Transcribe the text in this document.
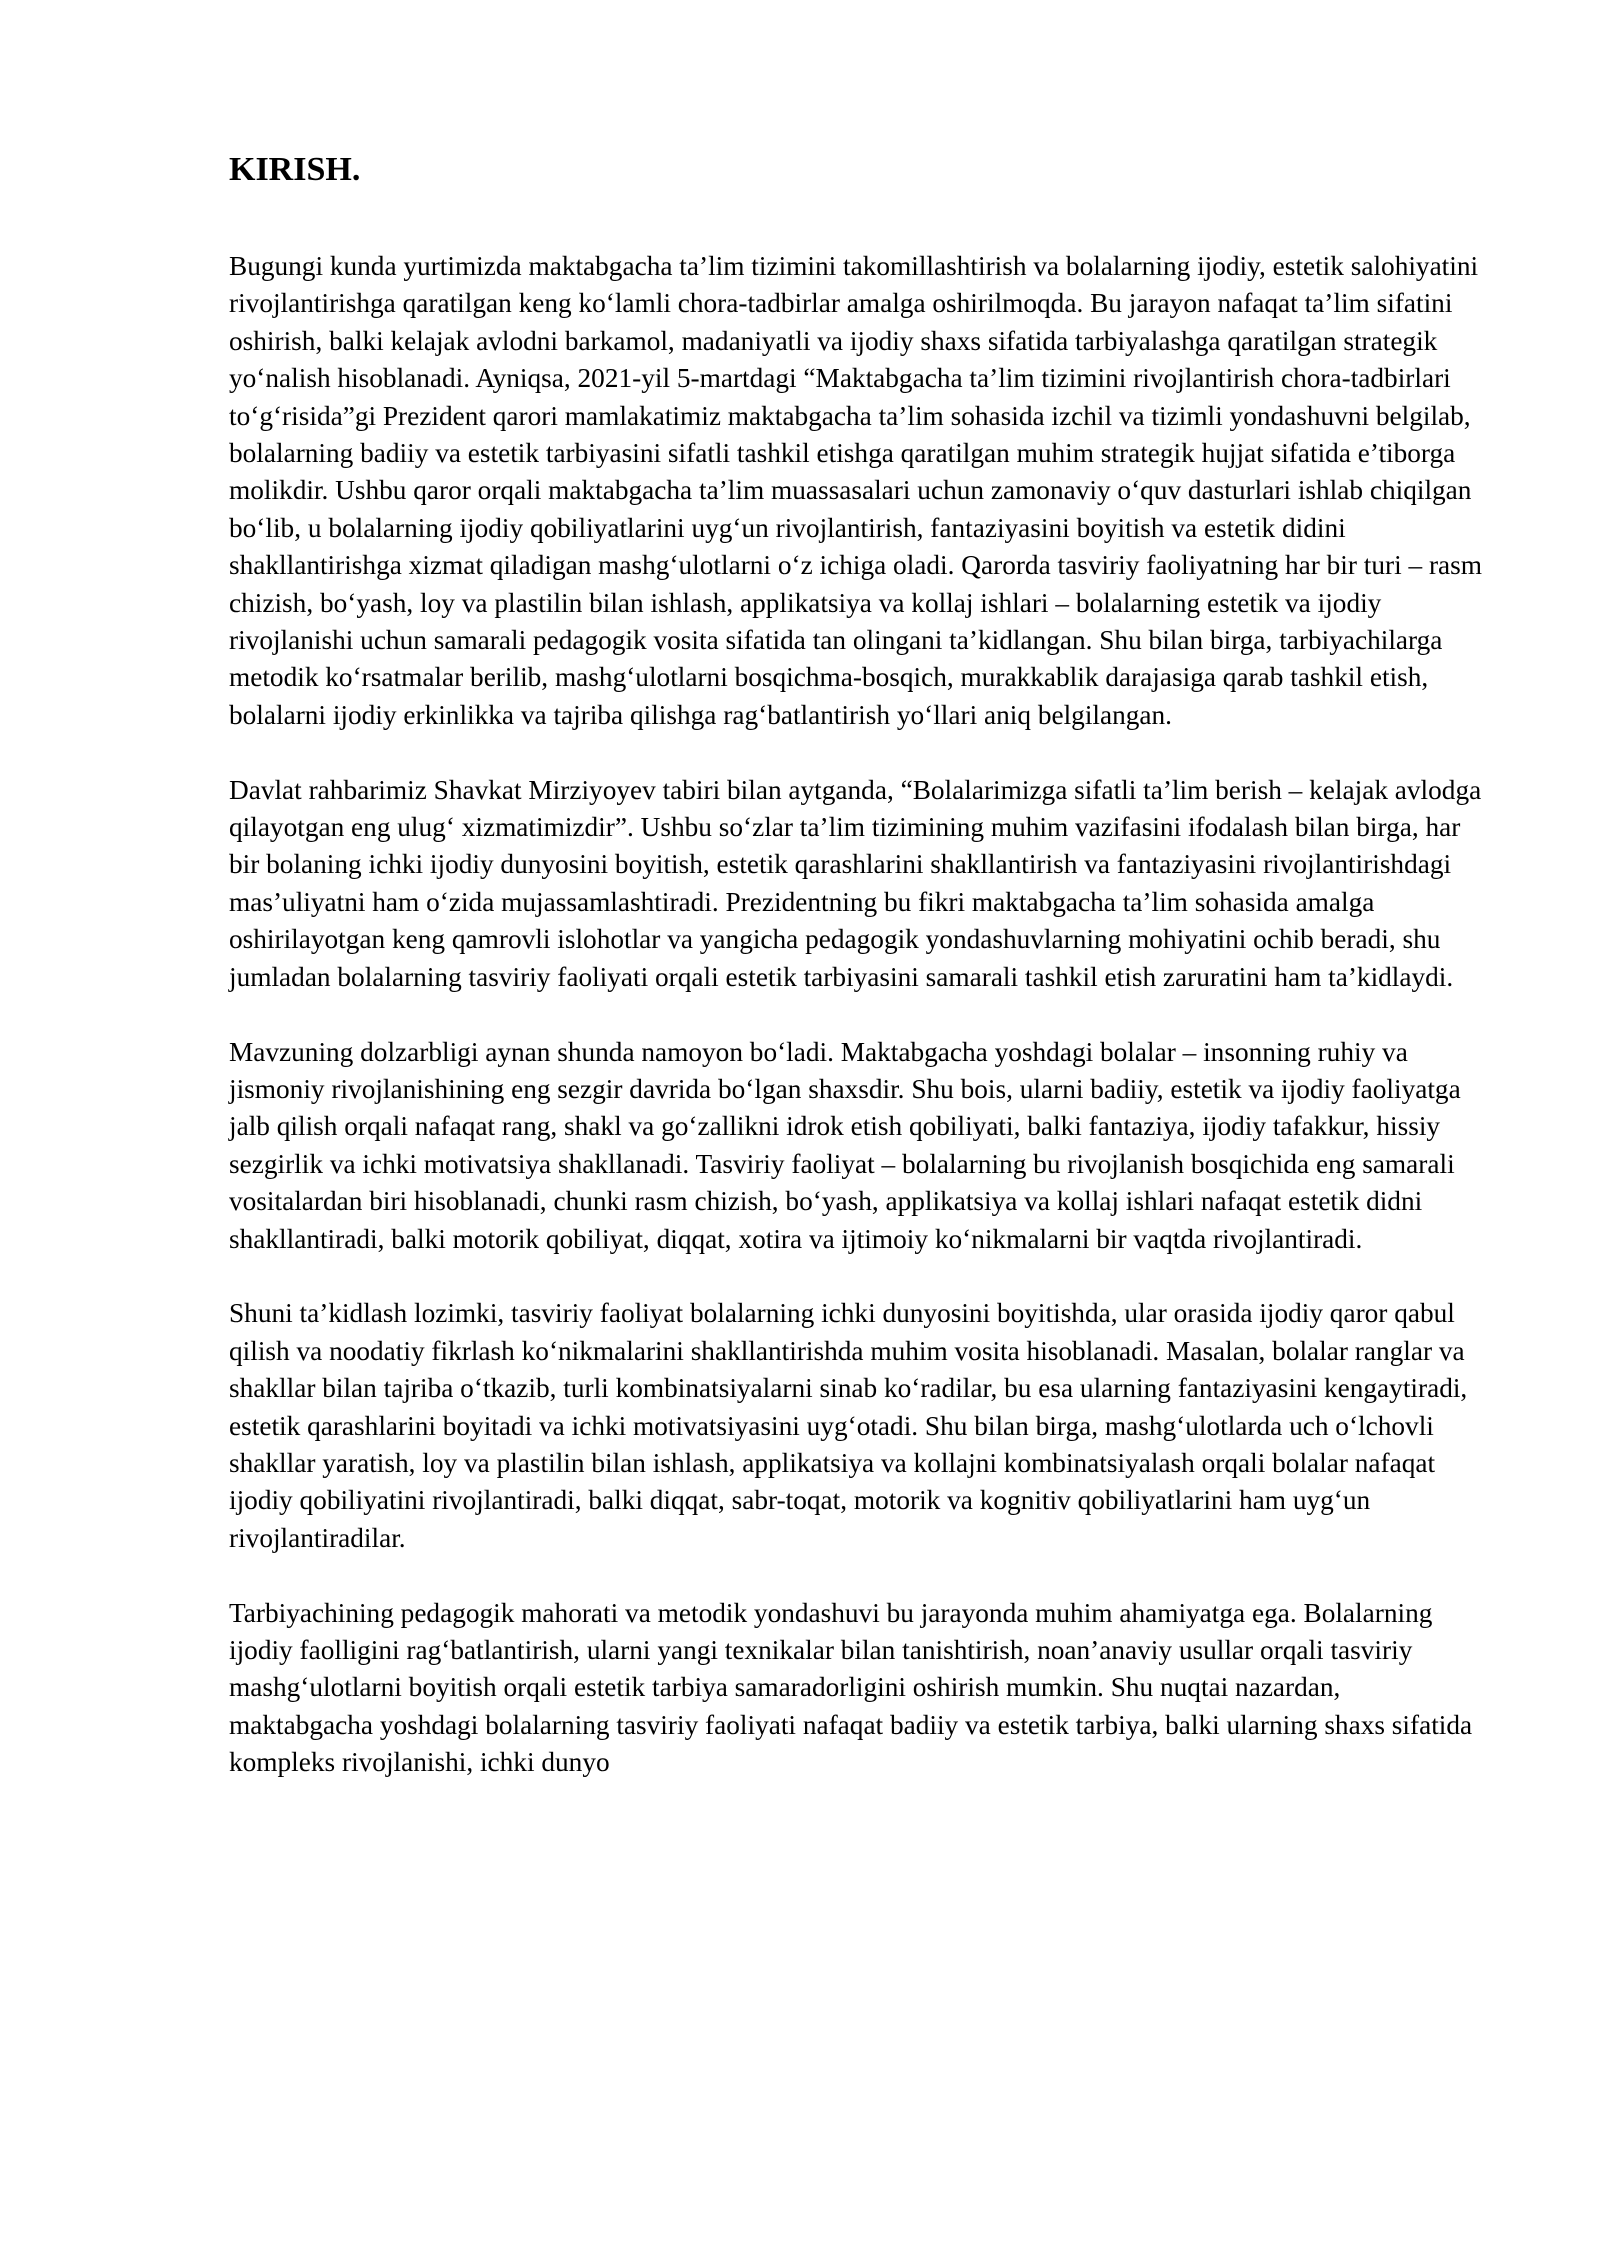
KIRISH.

Bugungi kunda yurtimizda maktabgacha ta’lim tizimini takomillashtirish va bolalarning ijodiy, estetik salohiyatini rivojlantirishga qaratilgan keng ko‘lamli chora-tadbirlar amalga oshirilmoqda. Bu jarayon nafaqat ta’lim sifatini oshirish, balki kelajak avlodni barkamol, madaniyatli va ijodiy shaxs sifatida tarbiyalashga qaratilgan strategik yo‘nalish hisoblanadi. Ayniqsa, 2021-yil 5-martdagi “Maktabgacha ta’lim tizimini rivojlantirish chora-tadbirlari to‘g‘risida”gi Prezident qarori mamlakatimiz maktabgacha ta’lim sohasida izchil va tizimli yondashuvni belgilab, bolalarning badiiy va estetik tarbiyasini sifatli tashkil etishga qaratilgan muhim strategik hujjat sifatida e’tiborga molikdir. Ushbu qaror orqali maktabgacha ta’lim muassasalari uchun zamonaviy o‘quv dasturlari ishlab chiqilgan bo‘lib, u bolalarning ijodiy qobiliyatlarini uyg‘un rivojlantirish, fantaziyasini boyitish va estetik didini shakllantirishga xizmat qiladigan mashg‘ulotlarni o‘z ichiga oladi. Qarorda tasviriy faoliyatning har bir turi – rasm chizish, bo‘yash, loy va plastilin bilan ishlash, applikatsiya va kollaj ishlari – bolalarning estetik va ijodiy rivojlanishi uchun samarali pedagogik vosita sifatida tan olingani ta’kidlangan. Shu bilan birga, tarbiyachilarga metodik ko‘rsatmalar berilib, mashg‘ulotlarni bosqichma-bosqich, murakkablik darajasiga qarab tashkil etish, bolalarni ijodiy erkinlikka va tajriba qilishga rag‘batlantirish yo‘llari aniq belgilangan.

Davlat rahbarimiz Shavkat Mirziyoyev tabiri bilan aytganda, “Bolalarimizga sifatli ta’lim berish – kelajak avlodga qilayotgan eng ulug‘ xizmatimizdir”. Ushbu so‘zlar ta’lim tizimining muhim vazifasini ifodalash bilan birga, har bir bolaning ichki ijodiy dunyosini boyitish, estetik qarashlarini shakllantirish va fantaziyasini rivojlantirishdagi mas’uliyatni ham o‘zida mujassamlashtiradi. Prezidentning bu fikri maktabgacha ta’lim sohasida amalga oshirilayotgan keng qamrovli islohotlar va yangicha pedagogik yondashuvlarning mohiyatini ochib beradi, shu jumladan bolalarning tasviriy faoliyati orqali estetik tarbiyasini samarali tashkil etish zaruratini ham ta’kidlaydi.

Mavzuning dolzarbligi aynan shunda namoyon bo‘ladi. Maktabgacha yoshdagi bolalar – insonning ruhiy va jismoniy rivojlanishining eng sezgir davrida bo‘lgan shaxsdir. Shu bois, ularni badiiy, estetik va ijodiy faoliyatga jalb qilish orqali nafaqat rang, shakl va go‘zallikni idrok etish qobiliyati, balki fantaziya, ijodiy tafakkur, hissiy sezgirlik va ichki motivatsiya shakllanadi. Tasviriy faoliyat – bolalarning bu rivojlanish bosqichida eng samarali vositalardan biri hisoblanadi, chunki rasm chizish, bo‘yash, applikatsiya va kollaj ishlari nafaqat estetik didni shakllantiradi, balki motorik qobiliyat, diqqat, xotira va ijtimoiy ko‘nikmalarni bir vaqtda rivojlantiradi.

Shuni ta’kidlash lozimki, tasviriy faoliyat bolalarning ichki dunyosini boyitishda, ular orasida ijodiy qaror qabul qilish va noodatiy fikrlash ko‘nikmalarini shakllantirishda muhim vosita hisoblanadi. Masalan, bolalar ranglar va shakllar bilan tajriba o‘tkazib, turli kombinatsiyalarni sinab ko‘radilar, bu esa ularning fantaziyasini kengaytiradi, estetik qarashlarini boyitadi va ichki motivatsiyasini uyg‘otadi. Shu bilan birga, mashg‘ulotlarda uch o‘lchovli shakllar yaratish, loy va plastilin bilan ishlash, applikatsiya va kollajni kombinatsiyalash orqali bolalar nafaqat ijodiy qobiliyatini rivojlantiradi, balki diqqat, sabr-toqat, motorik va kognitiv qobiliyatlarini ham uyg‘un rivojlantiradilar.

Tarbiyachining pedagogik mahorati va metodik yondashuvi bu jarayonda muhim ahamiyatga ega. Bolalarning ijodiy faolligini rag‘batlantirish, ularni yangi texnikalar bilan tanishtirish, noan’anaviy usullar orqali tasviriy mashg‘ulotlarni boyitish orqali estetik tarbiya samaradorligini oshirish mumkin. Shu nuqtai nazardan, maktabgacha yoshdagi bolalarning tasviriy faoliyati nafaqat badiiy va estetik tarbiya, balki ularning shaxs sifatida kompleks rivojlanishi, ichki dunyo
